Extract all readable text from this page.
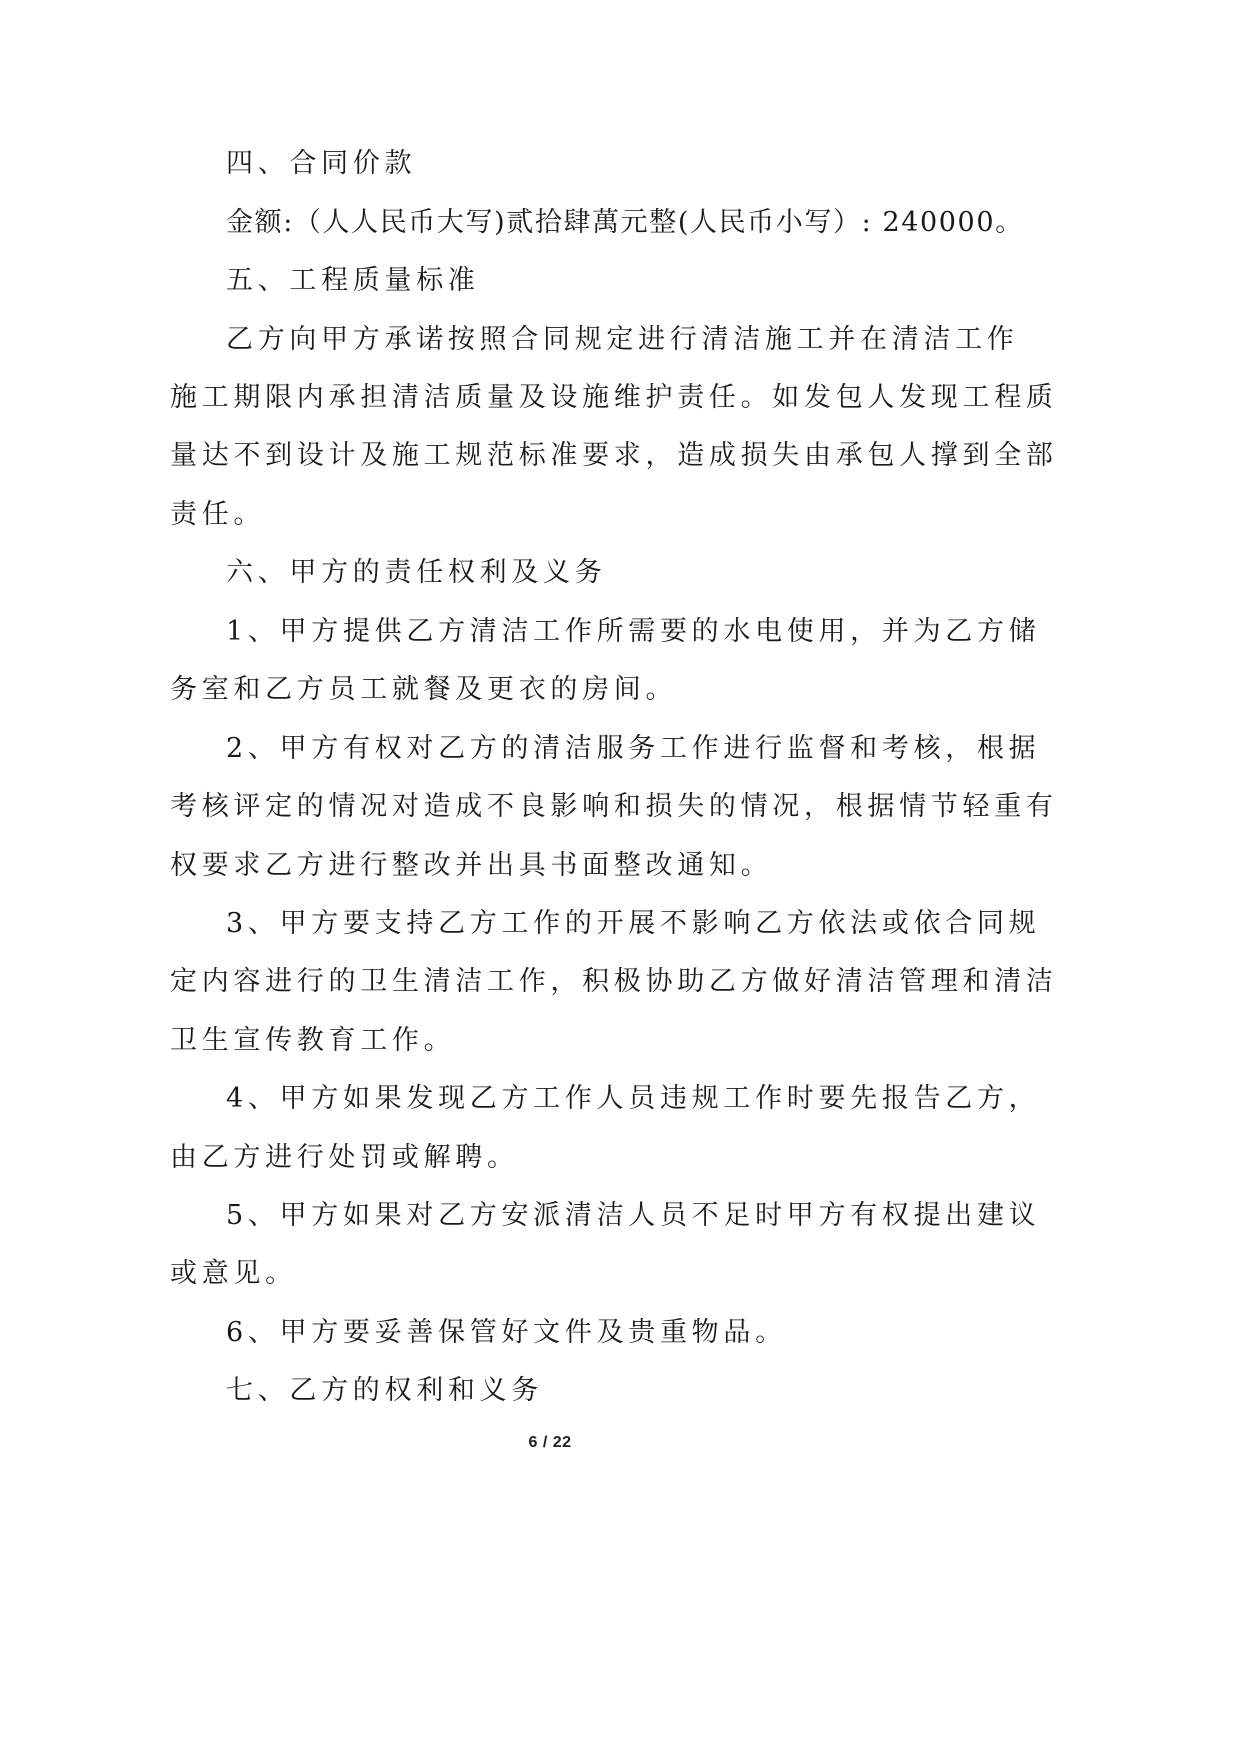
四、合同价款
金额:（人人民币大写)贰拾肆萬元整(人民币小写）: 240000。
五、工程质量标准
乙方向甲方承诺按照合同规定进行清洁施工并在清洁工作
施工期限内承担清洁质量及设施维护责任。如发包人发现工程质
量达不到设计及施工规范标准要求，造成损失由承包人撑到全部
责任。
六、甲方的责任权利及义务
1、甲方提供乙方清洁工作所需要的水电使用，并为乙方储
务室和乙方员工就餐及更衣的房间。
2、甲方有权对乙方的清洁服务工作进行监督和考核，根据
考核评定的情况对造成不良影响和损失的情况，根据情节轻重有
权要求乙方进行整改并出具书面整改通知。
3、甲方要支持乙方工作的开展不影响乙方依法或依合同规
定内容进行的卫生清洁工作，积极协助乙方做好清洁管理和清洁
卫生宣传教育工作。
4、甲方如果发现乙方工作人员违规工作时要先报告乙方，
由乙方进行处罚或解聘。
5、甲方如果对乙方安派清洁人员不足时甲方有权提出建议
或意见。
6、甲方要妥善保管好文件及贵重物品。
七、乙方的权利和义务
6 / 22
